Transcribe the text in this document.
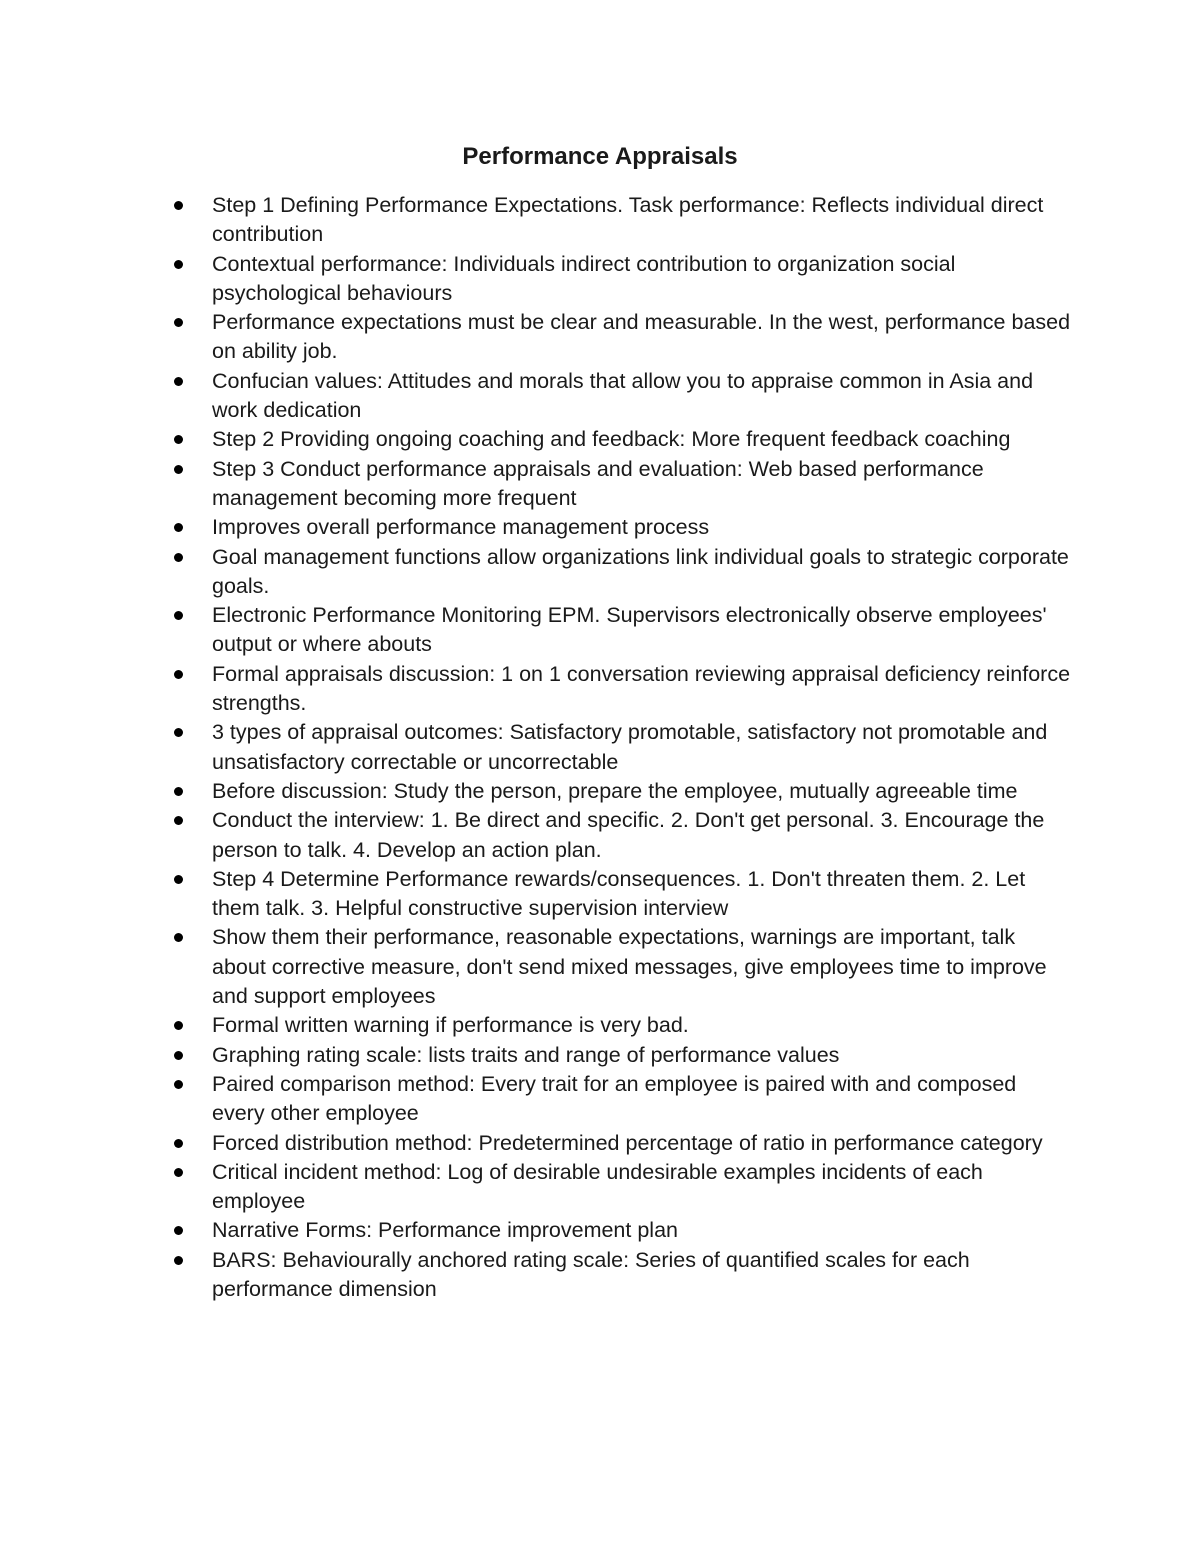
Performance Appraisals
Step 1 Defining Performance Expectations. Task performance: Reflects individual direct contribution
Contextual performance: Individuals indirect contribution to organization social psychological behaviours
Performance expectations must be clear and measurable. In the west, performance based on ability job.
Confucian values: Attitudes and morals that allow you to appraise common in Asia and work dedication
Step 2 Providing ongoing coaching and feedback: More frequent feedback coaching
Step 3 Conduct performance appraisals and evaluation: Web based performance management becoming more frequent
Improves overall performance management process
Goal management functions allow organizations link individual goals to strategic corporate goals.
Electronic Performance Monitoring EPM. Supervisors electronically observe employees' output or where abouts
Formal appraisals discussion: 1 on 1 conversation reviewing appraisal deficiency reinforce strengths.
3 types of appraisal outcomes: Satisfactory promotable, satisfactory not promotable and unsatisfactory correctable or uncorrectable
Before discussion: Study the person, prepare the employee, mutually agreeable time
Conduct the interview: 1. Be direct and specific. 2. Don't get personal. 3. Encourage the person to talk. 4. Develop an action plan.
Step 4 Determine Performance rewards/consequences. 1. Don't threaten them. 2. Let them talk. 3. Helpful constructive supervision interview
Show them their performance, reasonable expectations, warnings are important, talk about corrective measure, don't send mixed messages, give employees time to improve and support employees
Formal written warning if performance is very bad.
Graphing rating scale: lists traits and range of performance values
Paired comparison method: Every trait for an employee is paired with and composed every other employee
Forced distribution method: Predetermined percentage of ratio in performance category
Critical incident method: Log of desirable undesirable examples incidents of each employee
Narrative Forms: Performance improvement plan
BARS: Behaviourally anchored rating scale: Series of quantified scales for each performance dimension
